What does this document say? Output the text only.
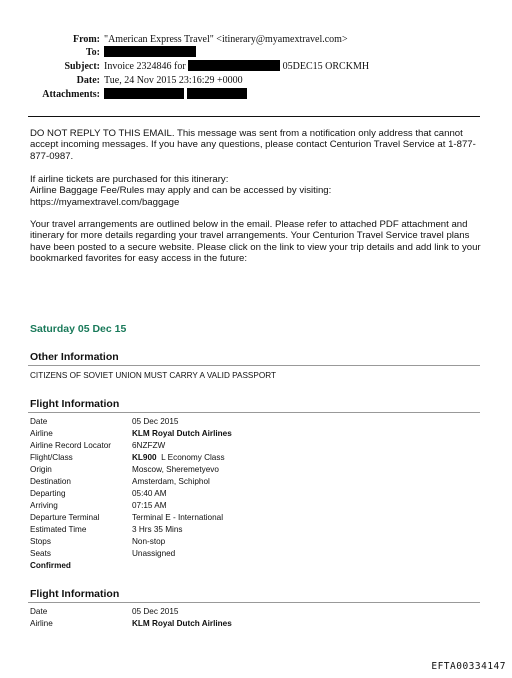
From: "American Express Travel" <itinerary@myamextravel.com>
To:
Subject: Invoice 2324846 for	05DEC15 ORCKMH
Date: Tue, 24 Nov 2015 23:16:29 +0000
Attachments:

DO NOT REPLY TO THIS EMAIL. This message was sent from a notification only address that cannot accept incoming messages. If you have any questions, please contact Centurion Travel Service at 1-877-877-0987.

If airline tickets are purchased for this itinerary:

Airline Baggage Fee/Rules may apply and can be accessed by visiting:

https://myamextravel.com/baggage

Your travel arrangements are outlined below in the email. Please refer to attached PDF attachment and itinerary for more details regarding your travel arrangements. Your Centurion Travel Service travel plans have been posted to a secure website. Please click on the link to view your trip details and add link to your bookmarked favorites for easy access in the future:

Saturday 05 Dec 15
Other Information
CITIZENS OF SOVIET UNION MUST CARRY A VALID PASSPORT
Flight Information
Date	05 Dec 2015
Airline	KLM Royal Dutch Airlines
Airline Record Locator	6NZFZW
Flight/Class	KL900 L Economy Class
Origin	Moscow, Sheremetyevo
Destination	Amsterdam, Schiphol
Departing	05:40 AM
Arriving	07:15 AM
Departure Terminal	Terminal E - International
Estimated Time	3 Hrs 35 Mins
Stops	Non-stop
Seats	Unassigned
Confirmed
Flight Information
Date	05 Dec 2015
Airline	KLM Royal Dutch Airlines
EFTA00334147
